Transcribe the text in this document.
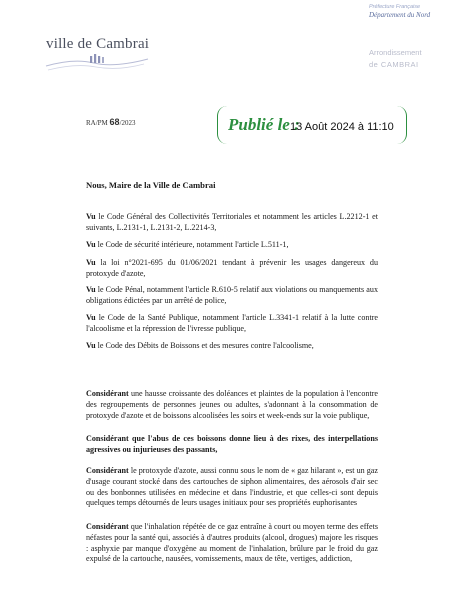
Préfecture Française
Département du Nord
Arrondissement
de CAMBRAI
ville de Cambrai
RA/PM 68/2023	Publié le :
13 Août 2024 à 11:10
Nous, Maire de la Ville de Cambrai
Vu le Code Général des Collectivités Territoriales et notamment les articles L.2212-1 et suivants, L.2131-1, L.2131-2, L.2214-3,
Vu le Code de sécurité intérieure, notamment l'article L.511-1,
Vu la loi n°2021-695 du 01/06/2021 tendant à prévenir les usages dangereux du protoxyde d'azote,
Vu le Code Pénal, notamment l'article R.610-5 relatif aux violations ou manquements aux obligations édictées par un arrêté de police,
Vu le Code de la Santé Publique, notamment l'article L.3341-1 relatif à la lutte contre l'alcoolisme et la répression de l'ivresse publique,
Vu le Code des Débits de Boissons et des mesures contre l'alcoolisme,
Considérant une hausse croissante des doléances et plaintes de la population à l'encontre des regroupements de personnes jeunes ou adultes, s'adonnant à la consommation de protoxyde d'azote et de boissons alcoolisées les soirs et week-ends sur la voie publique,
Considérant que l'abus de ces boissons donne lieu à des rixes, des interpellations agressives ou injurieuses des passants,
Considérant le protoxyde d'azote, aussi connu sous le nom de « gaz hilarant », est un gaz d'usage courant stocké dans des cartouches de siphon alimentaires, des aérosols d'air sec ou des bonbonnes utilisées en médecine et dans l'industrie, et que celles-ci sont depuis quelques temps détournés de leurs usages initiaux pour ses propriétés euphorisantes
Considérant que l'inhalation répétée de ce gaz entraîne à court ou moyen terme des effets néfastes pour la santé qui, associés à d'autres produits (alcool, drogues) majore les risques : asphyxie par manque d'oxygène au moment de l'inhalation, brûlure par le froid du gaz expulsé de la cartouche, nausées, vomissements, maux de tête, vertiges, addiction,
